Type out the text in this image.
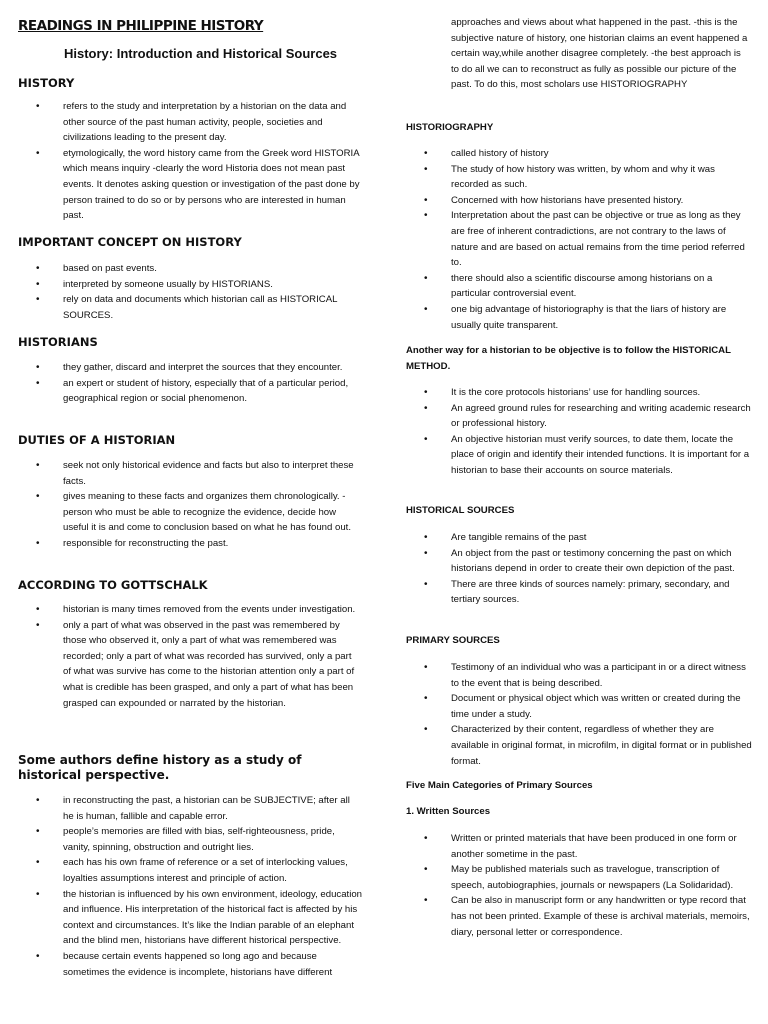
READINGS IN PHILIPPINE HISTORY
History: Introduction and Historical Sources
HISTORY
• refers to the study and interpretation by a historian on the data and other source of the past human activity, people, societies and civilizations leading to the present day.
• etymologically, the word history came from the Greek word HISTORIA which means inquiry -clearly the word Historia does not mean past events. It denotes asking question or investigation of the past done by person trained to do so or by persons who are interested in human past.
IMPORTANT CONCEPT ON HISTORY
• based on past events.
• interpreted by someone usually by HISTORIANS.
• rely on data and documents which historian call as HISTORICAL SOURCES.
HISTORIANS
• they gather, discard and interpret the sources that they encounter.
• an expert or student of history, especially that of a particular period, geographical region or social phenomenon.
DUTIES OF A HISTORIAN
• seek not only historical evidence and facts but also to interpret these facts.
• gives meaning to these facts and organizes them chronologically. -person who must be able to recognize the evidence, decide how useful it is and come to conclusion based on what he has found out.
• responsible for reconstructing the past.
ACCORDING TO GOTTSCHALK
• historian is many times removed from the events under investigation.
• only a part of what was observed in the past was remembered by those who observed it, only a part of what was remembered was recorded; only a part of what was recorded has survived, only a part of what was survive has come to the historian attention only a part of what is credible has been grasped, and only a part of what has been grasped can expounded or narrated by the historian.
Some authors define history as a study of historical perspective.
• in reconstructing the past, a historian can be SUBJECTIVE; after all he is human, fallible and capable error.
• people’s memories are filled with bias, self-righteousness, pride, vanity, spinning, obstruction and outright lies.
• each has his own frame of reference or a set of interlocking values, loyalties assumptions interest and principle of action.
• the historian is influenced by his own environment, ideology, education and influence. His interpretation of the historical fact is affected by his context and circumstances. It’s like the Indian parable of an elephant and the blind men, historians have different historical perspective.
• because certain events happened so long ago and because sometimes the evidence is incomplete, historians have different
approaches and views about what happened in the past. -this is the subjective nature of history, one historian claims an event happened a certain way,while another disagree completely. -the best approach is to do all we can to reconstruct as fully as possible our picture of the past. To do this, most scholars use HISTORIOGRAPHY
HISTORIOGRAPHY
• called history of history
• The study of how history was written, by whom and why it was recorded as such.
• Concerned with how historians have presented history.
• Interpretation about the past can be objective or true as long as they are free of inherent contradictions, are not contrary to the laws of nature and are based on actual remains from the time period referred to.
• there should also a scientific discourse among historians on a particular controversial event.
• one big advantage of historiography is that the liars of history are usually quite transparent.
Another way for a historian to be objective is to follow the HISTORICAL METHOD.
• It is the core protocols historians’ use for handling sources.
• An agreed ground rules for researching and writing academic research or professional history.
• An objective historian must verify sources, to date them, locate the place of origin and identify their intended functions. It is important for a historian to base their accounts on source materials.
HISTORICAL SOURCES
• Are tangible remains of the past
• An object from the past or testimony concerning the past on which historians depend in order to create their own depiction of the past.
• There are three kinds of sources namely: primary, secondary, and tertiary sources.
PRIMARY SOURCES
• Testimony of an individual who was a participant in or a direct witness to the event that is being described.
• Document or physical object which was written or created during the time under a study.
• Characterized by their content, regardless of whether they are available in original format, in microfilm, in digital format or in published format.
Five Main Categories of Primary Sources
1. Written Sources
• Written or printed materials that have been produced in one form or another sometime in the past.
• May be published materials such as travelogue, transcription of speech, autobiographies, journals or newspapers (La Solidaridad).
• Can be also in manuscript form or any handwritten or type record that has not been printed. Example of these is archival materials, memoirs, diary, personal letter or correspondence.
